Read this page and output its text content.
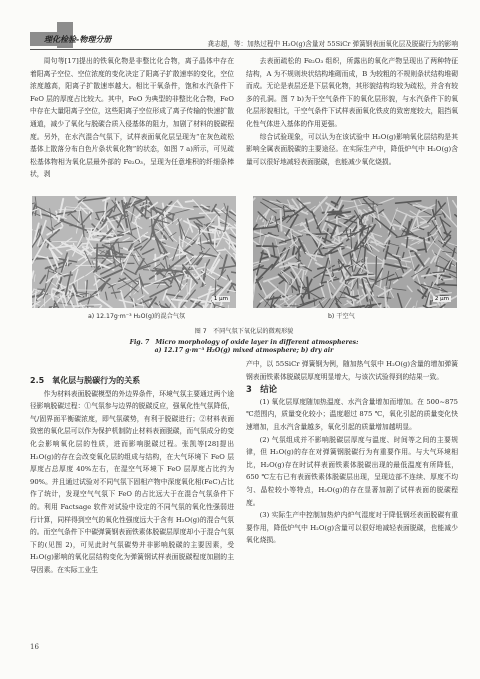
理化检验-物理分册	龚志超，等：加热过程中 H₂O(g)含量对 55SiCr 弹簧钢表面氧化层及脱碳行为的影响

周句等[17]提出的铁氧化物是非整比化合物，离子晶体中存在着阳离子空位、空位浓度的变化决定了阳离子扩散速率的变化，空位浓度越高，阳离子扩散速率越大。相比干氧条件，饱和水汽条件下 FeO 层的厚度占比较大。其中，FeO 为典型的非整比化合物，FeO 中存在大量阳离子空位，这些阳离子空位形成了离子传输的快速扩散通道，减少了氧化与脱碳合质入侵基体的阻力，加剧了材料的脱碳程度。另外，在水汽混合气氛下，试样表面氧化层呈现为“在灰色疏松基体上散落分布白色片条状氧化物”的状态，如图 7 a)所示，可见疏松基体物相为氧化层最外部的 Fe₂O₃，呈现为任意堆积的纤细条棒状，剥

去表面疏松的 Fe₂O₃ 组织，所露出的氧化产物呈现出了两种特征结构，A 为不规则块状结构堆砌而成，B 为较粗的不规则条状结构堆砌而成。无论是表层还是下层氧化物，其形貌结构均较为疏松，并含有较多的孔洞。图 7 b)为干空气条件下的氧化层形貌，与水汽条件下的氧化层形貌相比，干空气条件下试样表面氧化铁皮的致密度较大，阻挡氧化性气体进入基体的作用更强。

综合试验现象，可以认为在该试验中 H₂O(g)影响氧化层结构是其影响全属表面脱碳的主要途径。在实际生产中，降低炉气中 H₂O(g)含量可以很好地减轻表面脱碳，也能减少氧化烧损。

1 μm	2 μm
a) 12.17g·m⁻³ H₂O(g)的混合气氛	b) 干空气
图 7　不同气氛下氧化层的微观形貌
Fig. 7　Micro morphology of oxide layer in different atmospheres:
a) 12.17 g·m⁻³ H₂O(g) mixed atmosphere; b) dry air

2.5　氧化层与脱碳行为的关系

作为材料表面脱碳模型的外边界条件，环境气氛主要通过两个途径影响脱碳过程：①气氛参与边界的脱碳反应，强氧化性气氛降低，气/固界面平衡碳浓度，即气氛碳势，有利于脱碳进行；②材料表面致密的氧化层可以作为保护机制防止材料表面脱碳，而气氛成分的变化会影响氧化层的性质，进而影响脱碳过程。张凯等[28]提出 H₂O(g)的存在会改变氧化层的组成与结构，在大气环境下 FeO 层厚度占总厚度 40%左右，在湿空气环境下 FeO 层厚度占比约为 90%。并且通过试验对不同气氛下固相产物中深度氧化相(FeC)占比作了统计，发现空气气氛下 FeO 的占比远大于在混合气氛条件下的。利用 Factsage 软件对试验中设定的不同气氛的氧化性强弱进行计算，同样得到空气的氧化性强度远大于含有 H₂O(g)的混合气氛的。而空气条件下中碳弹簧钢表面铁素体脱碳层厚度却小于混合气氛下的(见图 2)，可见此时气氛碳势并非影响脱碳的主要因素，受 H₂O(g)影响的氧化层结构变化为弹簧钢试样表面脱碳程度加剧的主导因素。在实际工业生

产中，以 55SiCr 弹簧钢为例，随加热气氛中 H₂O(g)含量的增加弹簧钢表面铁素体脱碳层厚度明显增大，与该次试验得到的结果一致。

3　结论

(1) 氧化层厚度随加热温度、水汽含量增加而增加。在 500~875 ℃范围内，质量变化较小；温度超过 875 ℃，氧化引起的质量变化快速增加，且水汽含量越多，氧化引起的质量增加越明显。

(2) 气氛组成并不影响脱碳层厚度与温度、时间等之间的主要规律，但 H₂O(g)的存在对弹簧钢脱碳行为有重要作用。与大气环境相比，H₂O(g)存在时试样表面铁素体脱碳出现的最低温度有所降低，650 ℃左右已有表面铁素体脱碳层出现，呈现边部不连续、厚度不均匀、晶粒较小等特点，H₂O(g)的存在显著加剧了试样表面的脱碳程度。

(3) 实际生产中控制加热炉内炉气湿度对于降低钢坯表面脱碳有重要作用，降低炉气中 H₂O(g)含量可以很好地减轻表面脱碳，也能减少氧化烧损。

16
